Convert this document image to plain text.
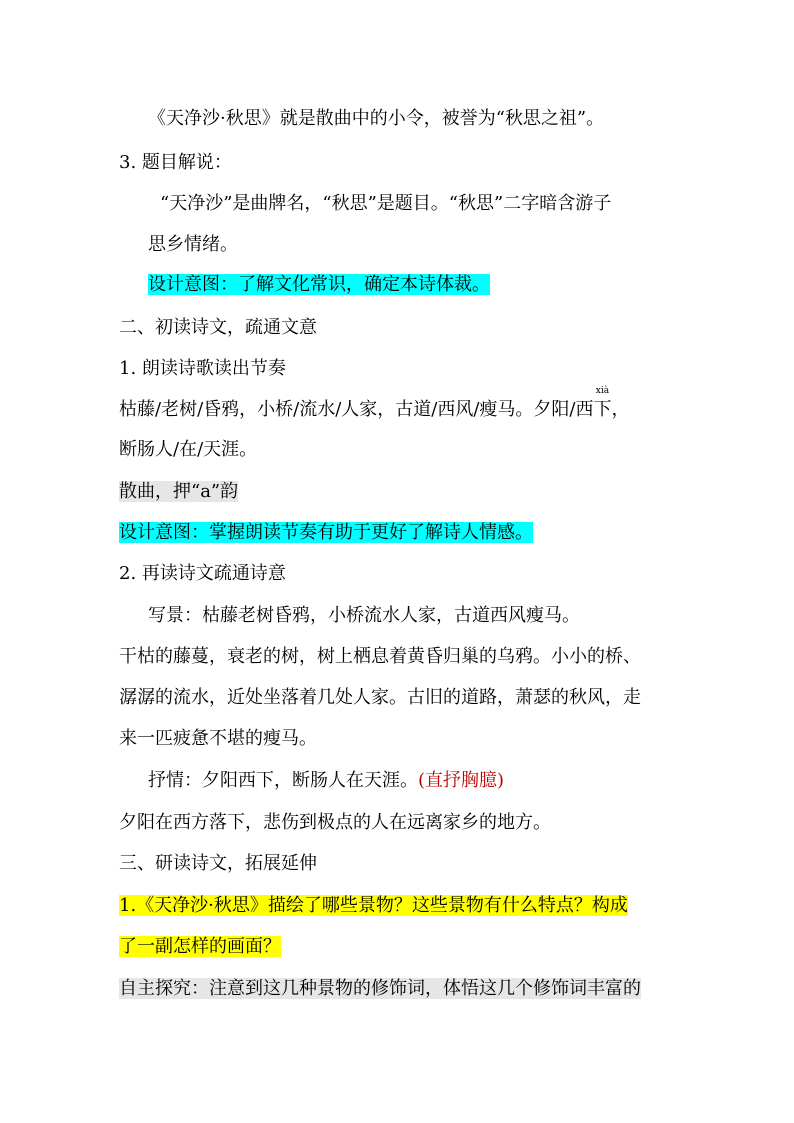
《天净沙·秋思》就是散曲中的小令，被誉为“秋思之祖”。
3. 题目解说：
“天净沙”是曲牌名，“秋思”是题目。“秋思”二字暗含游子
思乡情绪。
设计意图：了解文化常识，确定本诗体裁。
二、初读诗文，疏通文意
1. 朗读诗歌读出节奏
枯藤/老树/昏鸦，小桥/流水/人家，古道/西风/瘦马。夕阳/西
xià
下，
断肠人/在/天涯。
散曲，押“a”韵
设计意图：掌握朗读节奏有助于更好了解诗人情感。
2. 再读诗文疏通诗意
写景：枯藤老树昏鸦，小桥流水人家，古道西风瘦马。
干枯的藤蔓，衰老的树，树上栖息着黄昏归巢的乌鸦。小小的桥、
潺潺的流水，近处坐落着几处人家。古旧的道路，萧瑟的秋风，走
来一匹疲惫不堪的瘦马。
抒情：夕阳西下，断肠人在天涯。(直抒胸臆)
夕阳在西方落下，悲伤到极点的人在远离家乡的地方。
三、研读诗文，拓展延伸
1.《天净沙·秋思》描绘了哪些景物？这些景物有什么特点？构成
了一副怎样的画面？
自主探究：注意到这几种景物的修饰词，体悟这几个修饰词丰富的
